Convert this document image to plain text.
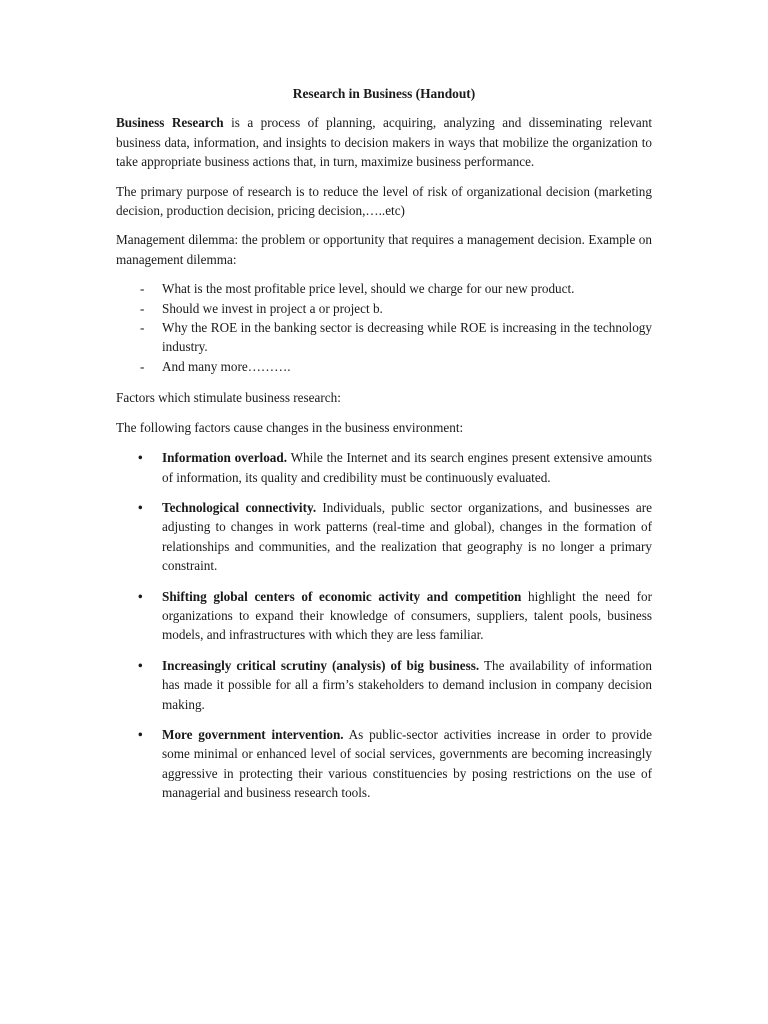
Research in Business (Handout)

Business Research is a process of planning, acquiring, analyzing and disseminating relevant business data, information, and insights to decision makers in ways that mobilize the organization to take appropriate business actions that, in turn, maximize business performance.

The primary purpose of research is to reduce the level of risk of organizational decision (marketing decision, production decision, pricing decision,…..etc)

Management dilemma: the problem or opportunity that requires a management decision. Example on management dilemma:

- What is the most profitable price level, should we charge for our new product.
- Should we invest in project a or project b.
- Why the ROE in the banking sector is decreasing while ROE is increasing in the technology industry.
- And many more……….

Factors which stimulate business research:

The following factors cause changes in the business environment:

• Information overload. While the Internet and its search engines present extensive amounts of information, its quality and credibility must be continuously evaluated.
• Technological connectivity. Individuals, public sector organizations, and businesses are adjusting to changes in work patterns (real-time and global), changes in the formation of relationships and communities, and the realization that geography is no longer a primary constraint.
• Shifting global centers of economic activity and competition highlight the need for organizations to expand their knowledge of consumers, suppliers, talent pools, business models, and infrastructures with which they are less familiar.
• Increasingly critical scrutiny (analysis) of big business. The availability of information has made it possible for all a firm’s stakeholders to demand inclusion in company decision making.
• More government intervention. As public-sector activities increase in order to provide some minimal or enhanced level of social services, governments are becoming increasingly aggressive in protecting their various constituencies by posing restrictions on the use of managerial and business research tools.
